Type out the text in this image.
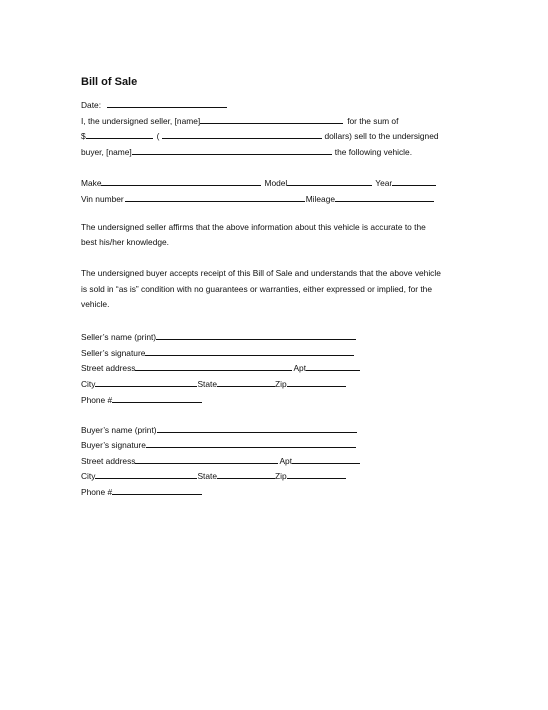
Bill of Sale
Date:
I, the undersigned seller, [name]	for the sum of
$	(	dollars) sell to the undersigned
buyer, [name]	the following vehicle.
Make	Model	Year
Vin number	Mileage
The undersigned seller affirms that the above information about this vehicle is accurate to the
best his/her knowledge.
The undersigned buyer accepts receipt of this Bill of Sale and understands that the above vehicle
is sold in “as is” condition with no guarantees or warranties, either expressed or implied, for the
vehicle.
Seller’s name (print)
Seller’s signature
Street address	Apt
City	State	Zip
Phone #
Buyer’s name (print)
Buyer’s signature
Street address	Apt
City	State	Zip
Phone #
